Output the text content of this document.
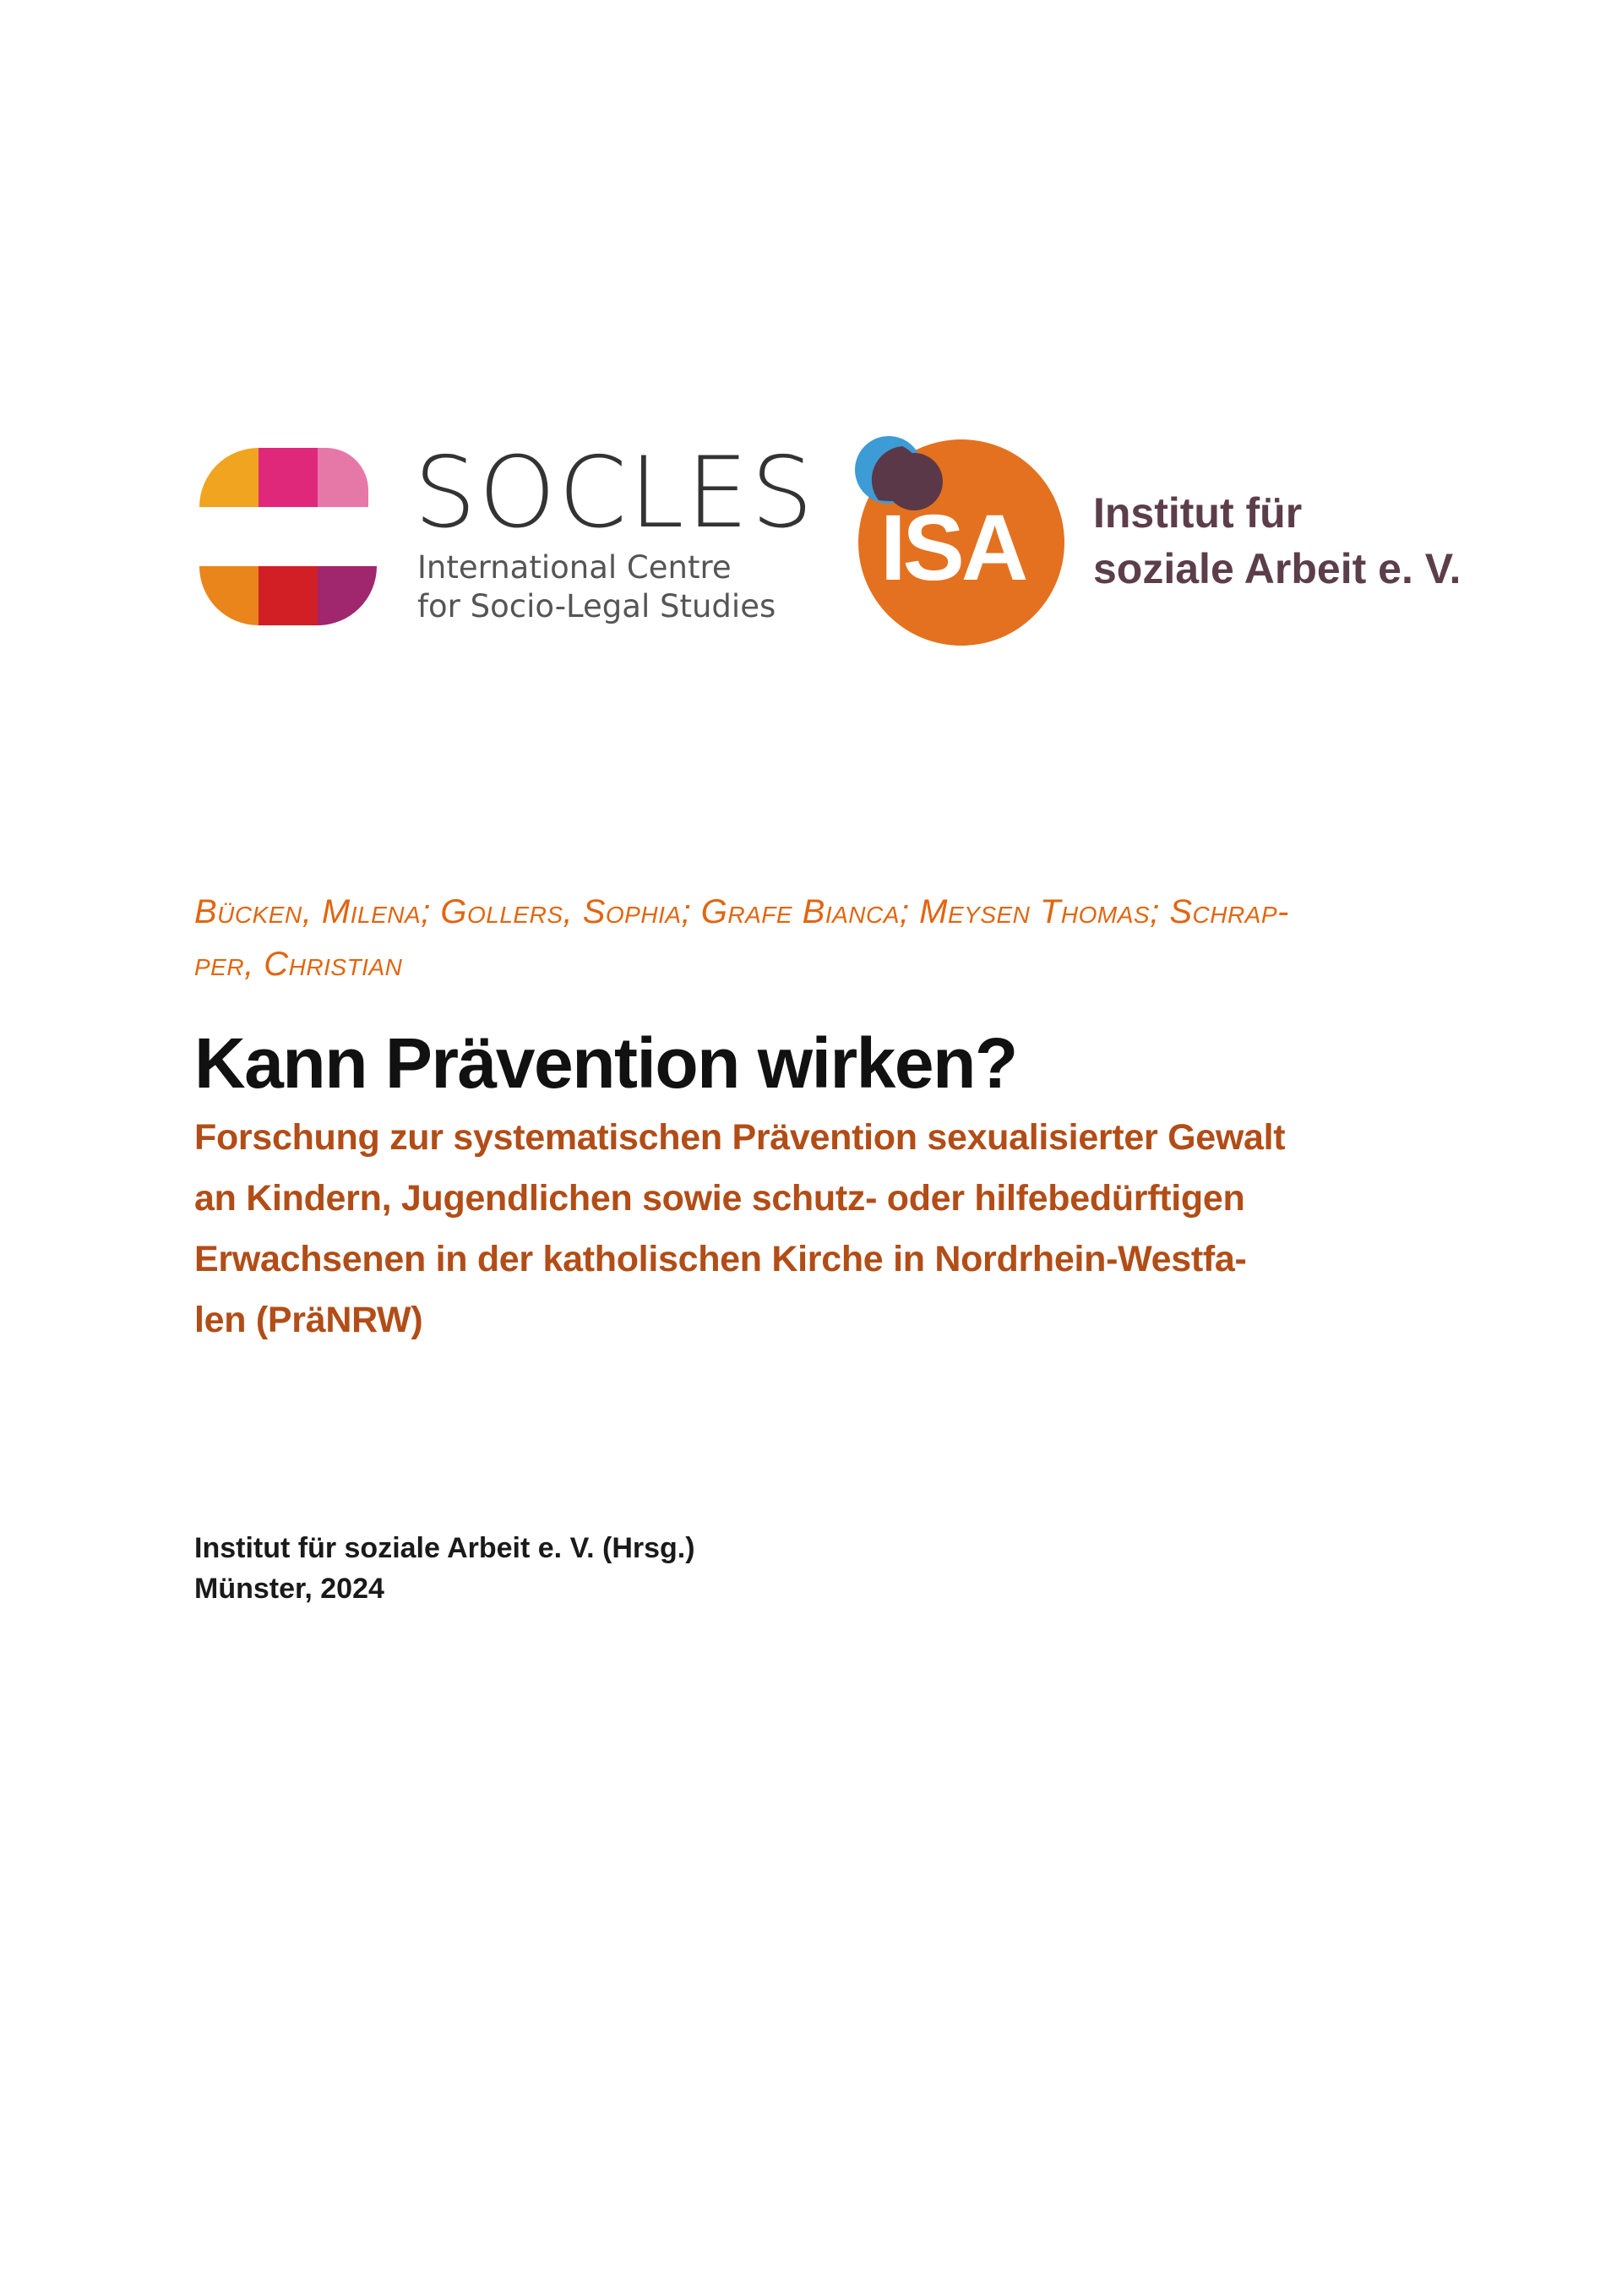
SOCLES
International Centre
for Socio-Legal Studies
ISA Institut für
soziale Arbeit e. V.
Bücken, Milena; Gollers, Sophia; Grafe Bianca; Meysen Thomas; Schrap-
per, Christian
Kann Prävention wirken?
Forschung zur systematischen Prävention sexualisierter Gewalt
an Kindern, Jugendlichen sowie schutz- oder hilfebedürftigen
Erwachsenen in der katholischen Kirche in Nordrhein-Westfa-
len (PräNRW)
Institut für soziale Arbeit e. V. (Hrsg.)
Münster, 2024
